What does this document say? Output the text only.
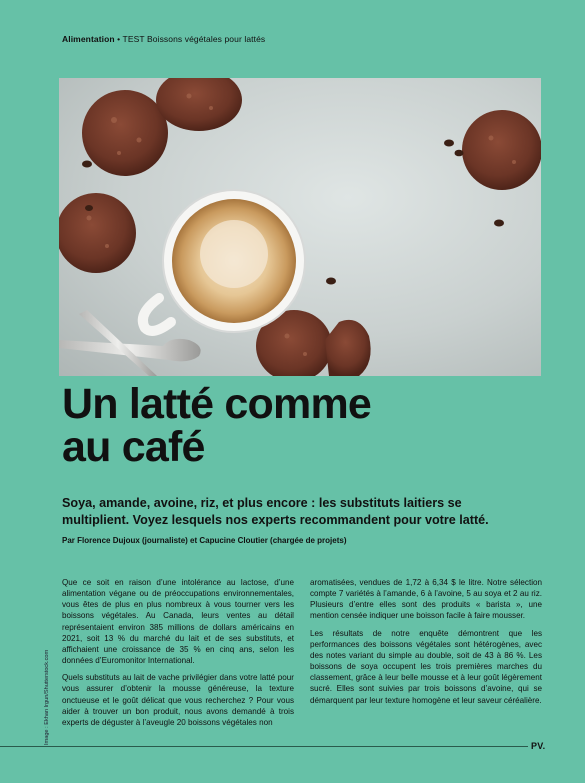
Alimentation • TEST Boissons végétales pour lattés
Un latté comme
au café
Soya, amande, avoine, riz, et plus encore : les substituts laitiers se multiplient. Voyez lesquels nos experts recommandent pour votre latté.
Par Florence Dujoux (journaliste) et Capucine Cloutier (chargée de projets)
Image : Ekhan Irgun/Shutterstock.com

Que ce soit en raison d’une intolérance au lactose, d’une alimentation végane ou de préoccupations environnementales, vous êtes de plus en plus nombreux à vous tourner vers les boissons végétales. Au Canada, leurs ventes au détail représentaient environ 385 millions de dollars américains en 2021, soit 13 % du marché du lait et de ses substituts, et affichaient une croissance de 35 % en cinq ans, selon les données d’Euromonitor International.

Quels substituts au lait de vache privilégier dans votre latté pour vous assurer d’obtenir la mousse généreuse, la texture onctueuse et le goût délicat que vous recherchez ? Pour vous aider à trouver un bon produit, nous avons demandé à trois experts de déguster à l’aveugle 20 boissons végétales non

aromatisées, vendues de 1,72 à 6,34 $ le litre. Notre sélection compte 7 variétés à l’amande, 6 à l’avoine, 5 au soya et 2 au riz. Plusieurs d’entre elles sont des produits « barista », une mention censée indiquer une boisson facile à faire mousser.

Les résultats de notre enquête démontrent que les performances des boissons végétales sont hétérogènes, avec des notes variant du simple au double, soit de 43 à 86 %. Les boissons de soya occupent les trois premières marches du classement, grâce à leur belle mousse et à leur goût légèrement sucré. Elles sont suivies par trois boissons d’avoine, qui se démarquent par leur texture homogène et leur saveur céréalière.

PV.
